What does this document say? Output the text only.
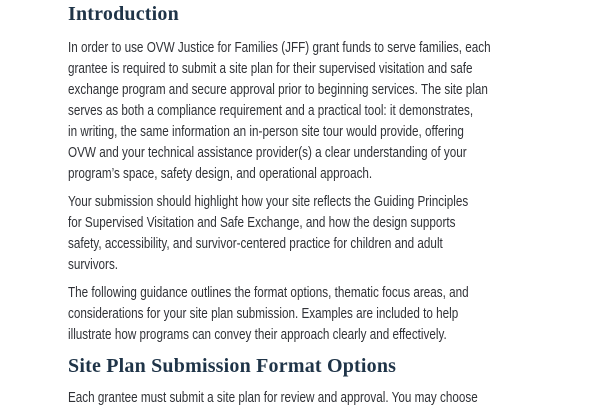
Introduction
In order to use OVW Justice for Families (JFF) grant funds to serve families, each
grantee is required to submit a site plan for their supervised visitation and safe
exchange program and secure approval prior to beginning services. The site plan
serves as both a compliance requirement and a practical tool: it demonstrates,
in writing, the same information an in-person site tour would provide, offering
OVW and your technical assistance provider(s) a clear understanding of your
program’s space, safety design, and operational approach.
Your submission should highlight how your site reflects the Guiding Principles
for Supervised Visitation and Safe Exchange, and how the design supports
safety, accessibility, and survivor-centered practice for children and adult
survivors.
The following guidance outlines the format options, thematic focus areas, and
considerations for your site plan submission. Examples are included to help
illustrate how programs can convey their approach clearly and effectively.
Site Plan Submission Format Options
Each grantee must submit a site plan for review and approval. You may choose
